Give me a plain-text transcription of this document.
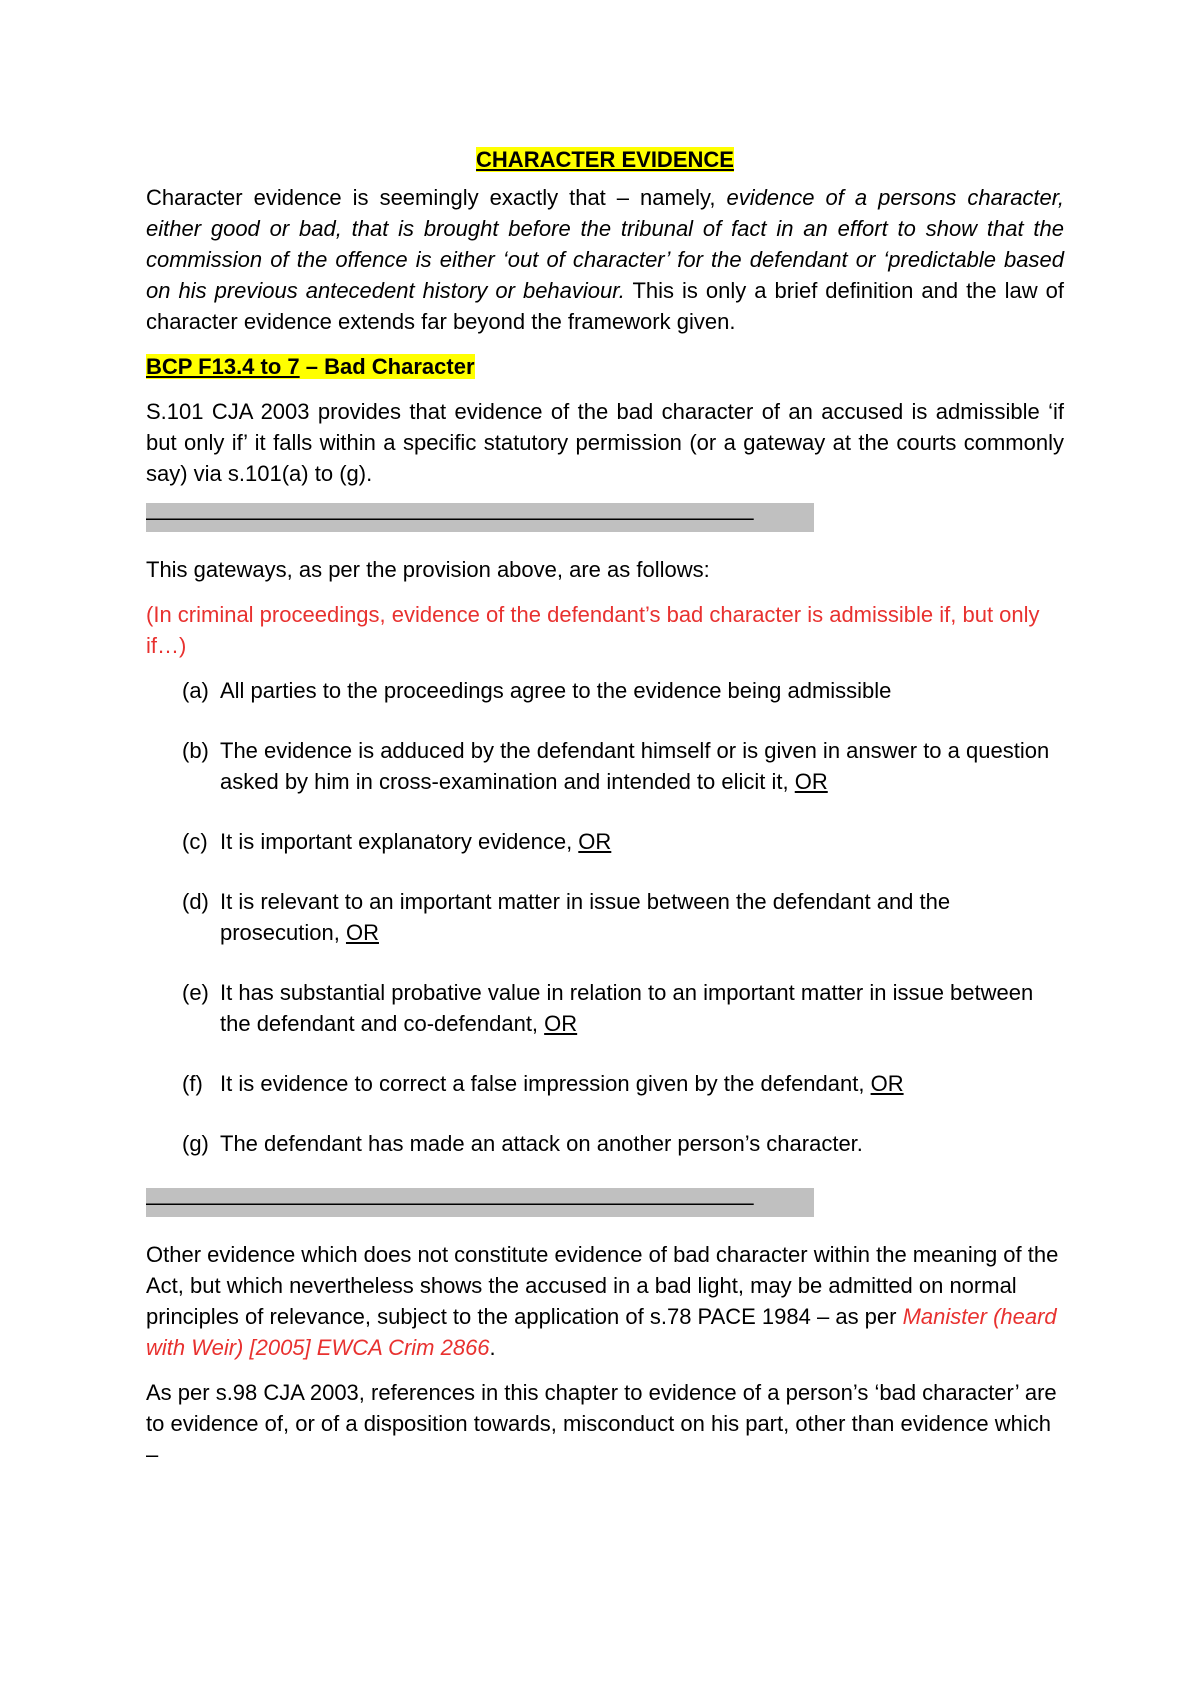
CHARACTER EVIDENCE

Character evidence is seemingly exactly that – namely, evidence of a persons character, either good or bad, that is brought before the tribunal of fact in an effort to show that the commission of the offence is either ‘out of character’ for the defendant or ‘predictable based on his previous antecedent history or behaviour. This is only a brief definition and the law of character evidence extends far beyond the framework given.

BCP F13.4 to 7 – Bad Character

S.101 CJA 2003 provides that evidence of the bad character of an accused is admissible ‘if but only if’ it falls within a specific statutory permission (or a gateway at the courts commonly say) via s.101(a) to (g).

––––––––––––––––––––––––––––––––––––––––––––––––––––––

This gateways, as per the provision above, are as follows:

(In criminal proceedings, evidence of the defendant’s bad character is admissible if, but only if…)

(a) All parties to the proceedings agree to the evidence being admissible
(b) The evidence is adduced by the defendant himself or is given in answer to a question asked by him in cross-examination and intended to elicit it, OR
(c) It is important explanatory evidence, OR
(d) It is relevant to an important matter in issue between the defendant and the prosecution, OR
(e) It has substantial probative value in relation to an important matter in issue between the defendant and co-defendant, OR
(f) It is evidence to correct a false impression given by the defendant, OR
(g) The defendant has made an attack on another person’s character.

––––––––––––––––––––––––––––––––––––––––––––––––––––––

Other evidence which does not constitute evidence of bad character within the meaning of the Act, but which nevertheless shows the accused in a bad light, may be admitted on normal principles of relevance, subject to the application of s.78 PACE 1984 – as per Manister (heard with Weir) [2005] EWCA Crim 2866.

As per s.98 CJA 2003, references in this chapter to evidence of a person’s ‘bad character’ are to evidence of, or of a disposition towards, misconduct on his part, other than evidence which –
